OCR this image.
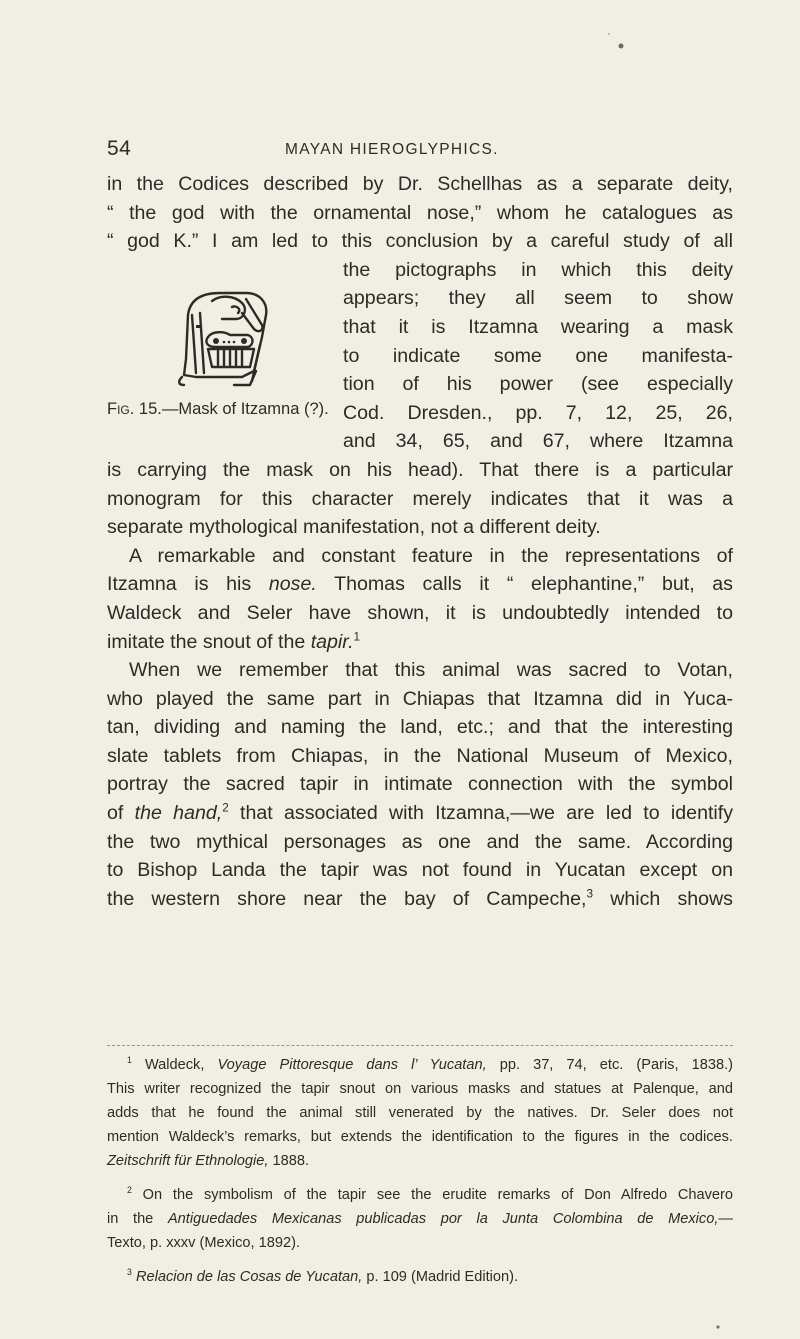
54	MAYAN HIEROGLYPHICS.
in the Codices described by Dr. Schellhas as a separate deity,
“ the god with the ornamental nose,” whom he catalogues as
“ god K.” I am led to this conclusion by a careful study of all
the pictographs in which this deity
appears; they all seem to show
that it is Itzamna wearing a mask
to indicate some one manifesta-
tion of his power (see especially
Cod. Dresden., pp. 7, 12, 25, 26,
and 34, 65, and 67, where Itzamna
is carrying the mask on his head). That there is a particular
monogram for this character merely indicates that it was a
separate mythological manifestation, not a different deity.
A remarkable and constant feature in the representations of
Itzamna is his nose. Thomas calls it “ elephantine,” but, as
Waldeck and Seler have shown, it is undoubtedly intended to
imitate the snout of the tapir.$^1$
When we remember that this animal was sacred to Votan,
who played the same part in Chiapas that Itzamna did in Yuca-
tan, dividing and naming the land, etc.; and that the interesting
slate tablets from Chiapas, in the National Museum of Mexico,
portray the sacred tapir in intimate connection with the symbol
of the hand,$^2$ that associated with Itzamna,—we are led to identify
the two mythical personages as one and the same. According
to Bishop Landa the tapir was not found in Yucatan except on
the western shore near the bay of Campeche,$^3$ which shows
Fig. 15.—Mask of Itzamna (?).
$^1$ Waldeck, Voyage Pittoresque dans l’ Yucatan, pp. 37, 74, etc. (Paris, 1838.)
This writer recognized the tapir snout on various masks and statues at Palenque, and
adds that he found the animal still venerated by the natives. Dr. Seler does not
mention Waldeck’s remarks, but extends the identification to the figures in the codices.
Zeitschrift für Ethnologie, 1888.
$^2$ On the symbolism of the tapir see the erudite remarks of Don Alfredo Chavero
in the Antiguedades Mexicanas publicadas por la Junta Colombina de Mexico,—
Texto, p. xxxv (Mexico, 1892).
$^3$ Relacion de las Cosas de Yucatan, p. 109 (Madrid Edition).
